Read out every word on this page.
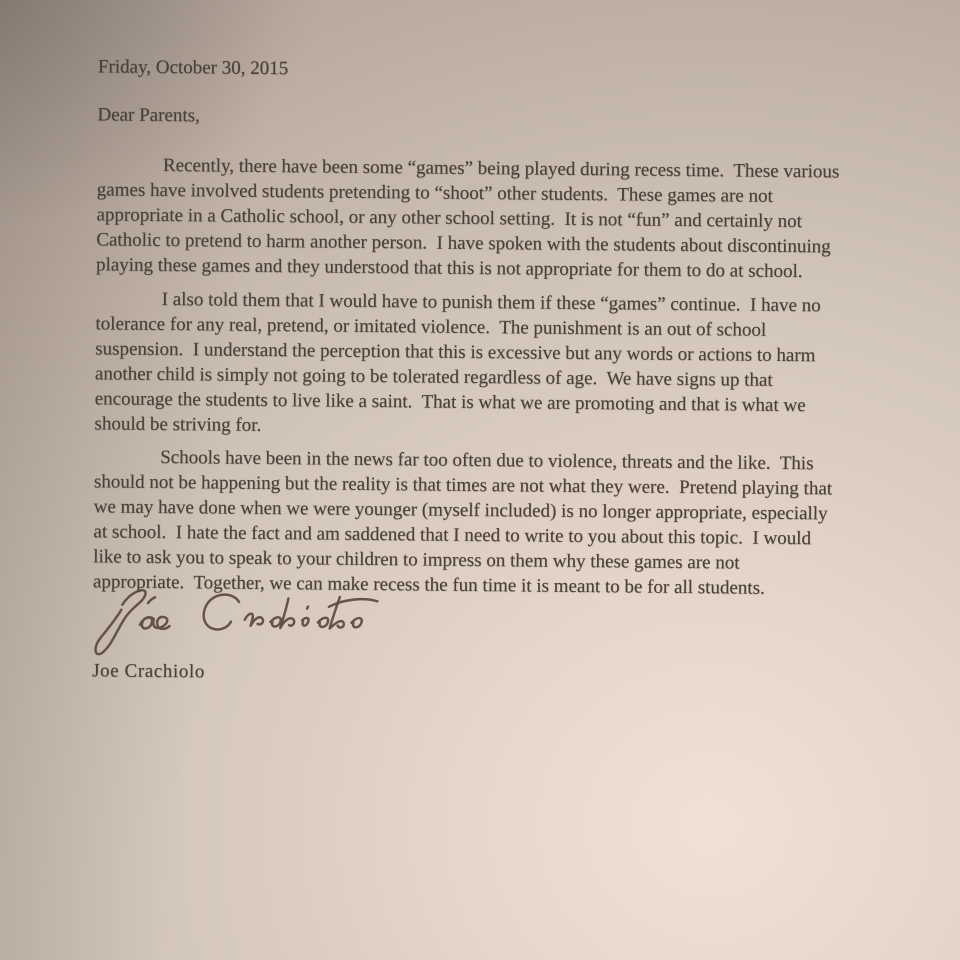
Friday, October 30, 2015
Dear Parents,
Recently, there have been some “games” being played during recess time.  These various
games have involved students pretending to “shoot” other students.  These games are not
appropriate in a Catholic school, or any other school setting.  It is not “fun” and certainly not
Catholic to pretend to harm another person.  I have spoken with the students about discontinuing
playing these games and they understood that this is not appropriate for them to do at school.
I also told them that I would have to punish them if these “games” continue.  I have no
tolerance for any real, pretend, or imitated violence.  The punishment is an out of school
suspension.  I understand the perception that this is excessive but any words or actions to harm
another child is simply not going to be tolerated regardless of age.  We have signs up that
encourage the students to live like a saint.  That is what we are promoting and that is what we
should be striving for.
Schools have been in the news far too often due to violence, threats and the like.  This
should not be happening but the reality is that times are not what they were.  Pretend playing that
we may have done when we were younger (myself included) is no longer appropriate, especially
at school.  I hate the fact and am saddened that I need to write to you about this topic.  I would
like to ask you to speak to your children to impress on them why these games are not
appropriate.  Together, we can make recess the fun time it is meant to be for all students.
Joe Crachiolo
